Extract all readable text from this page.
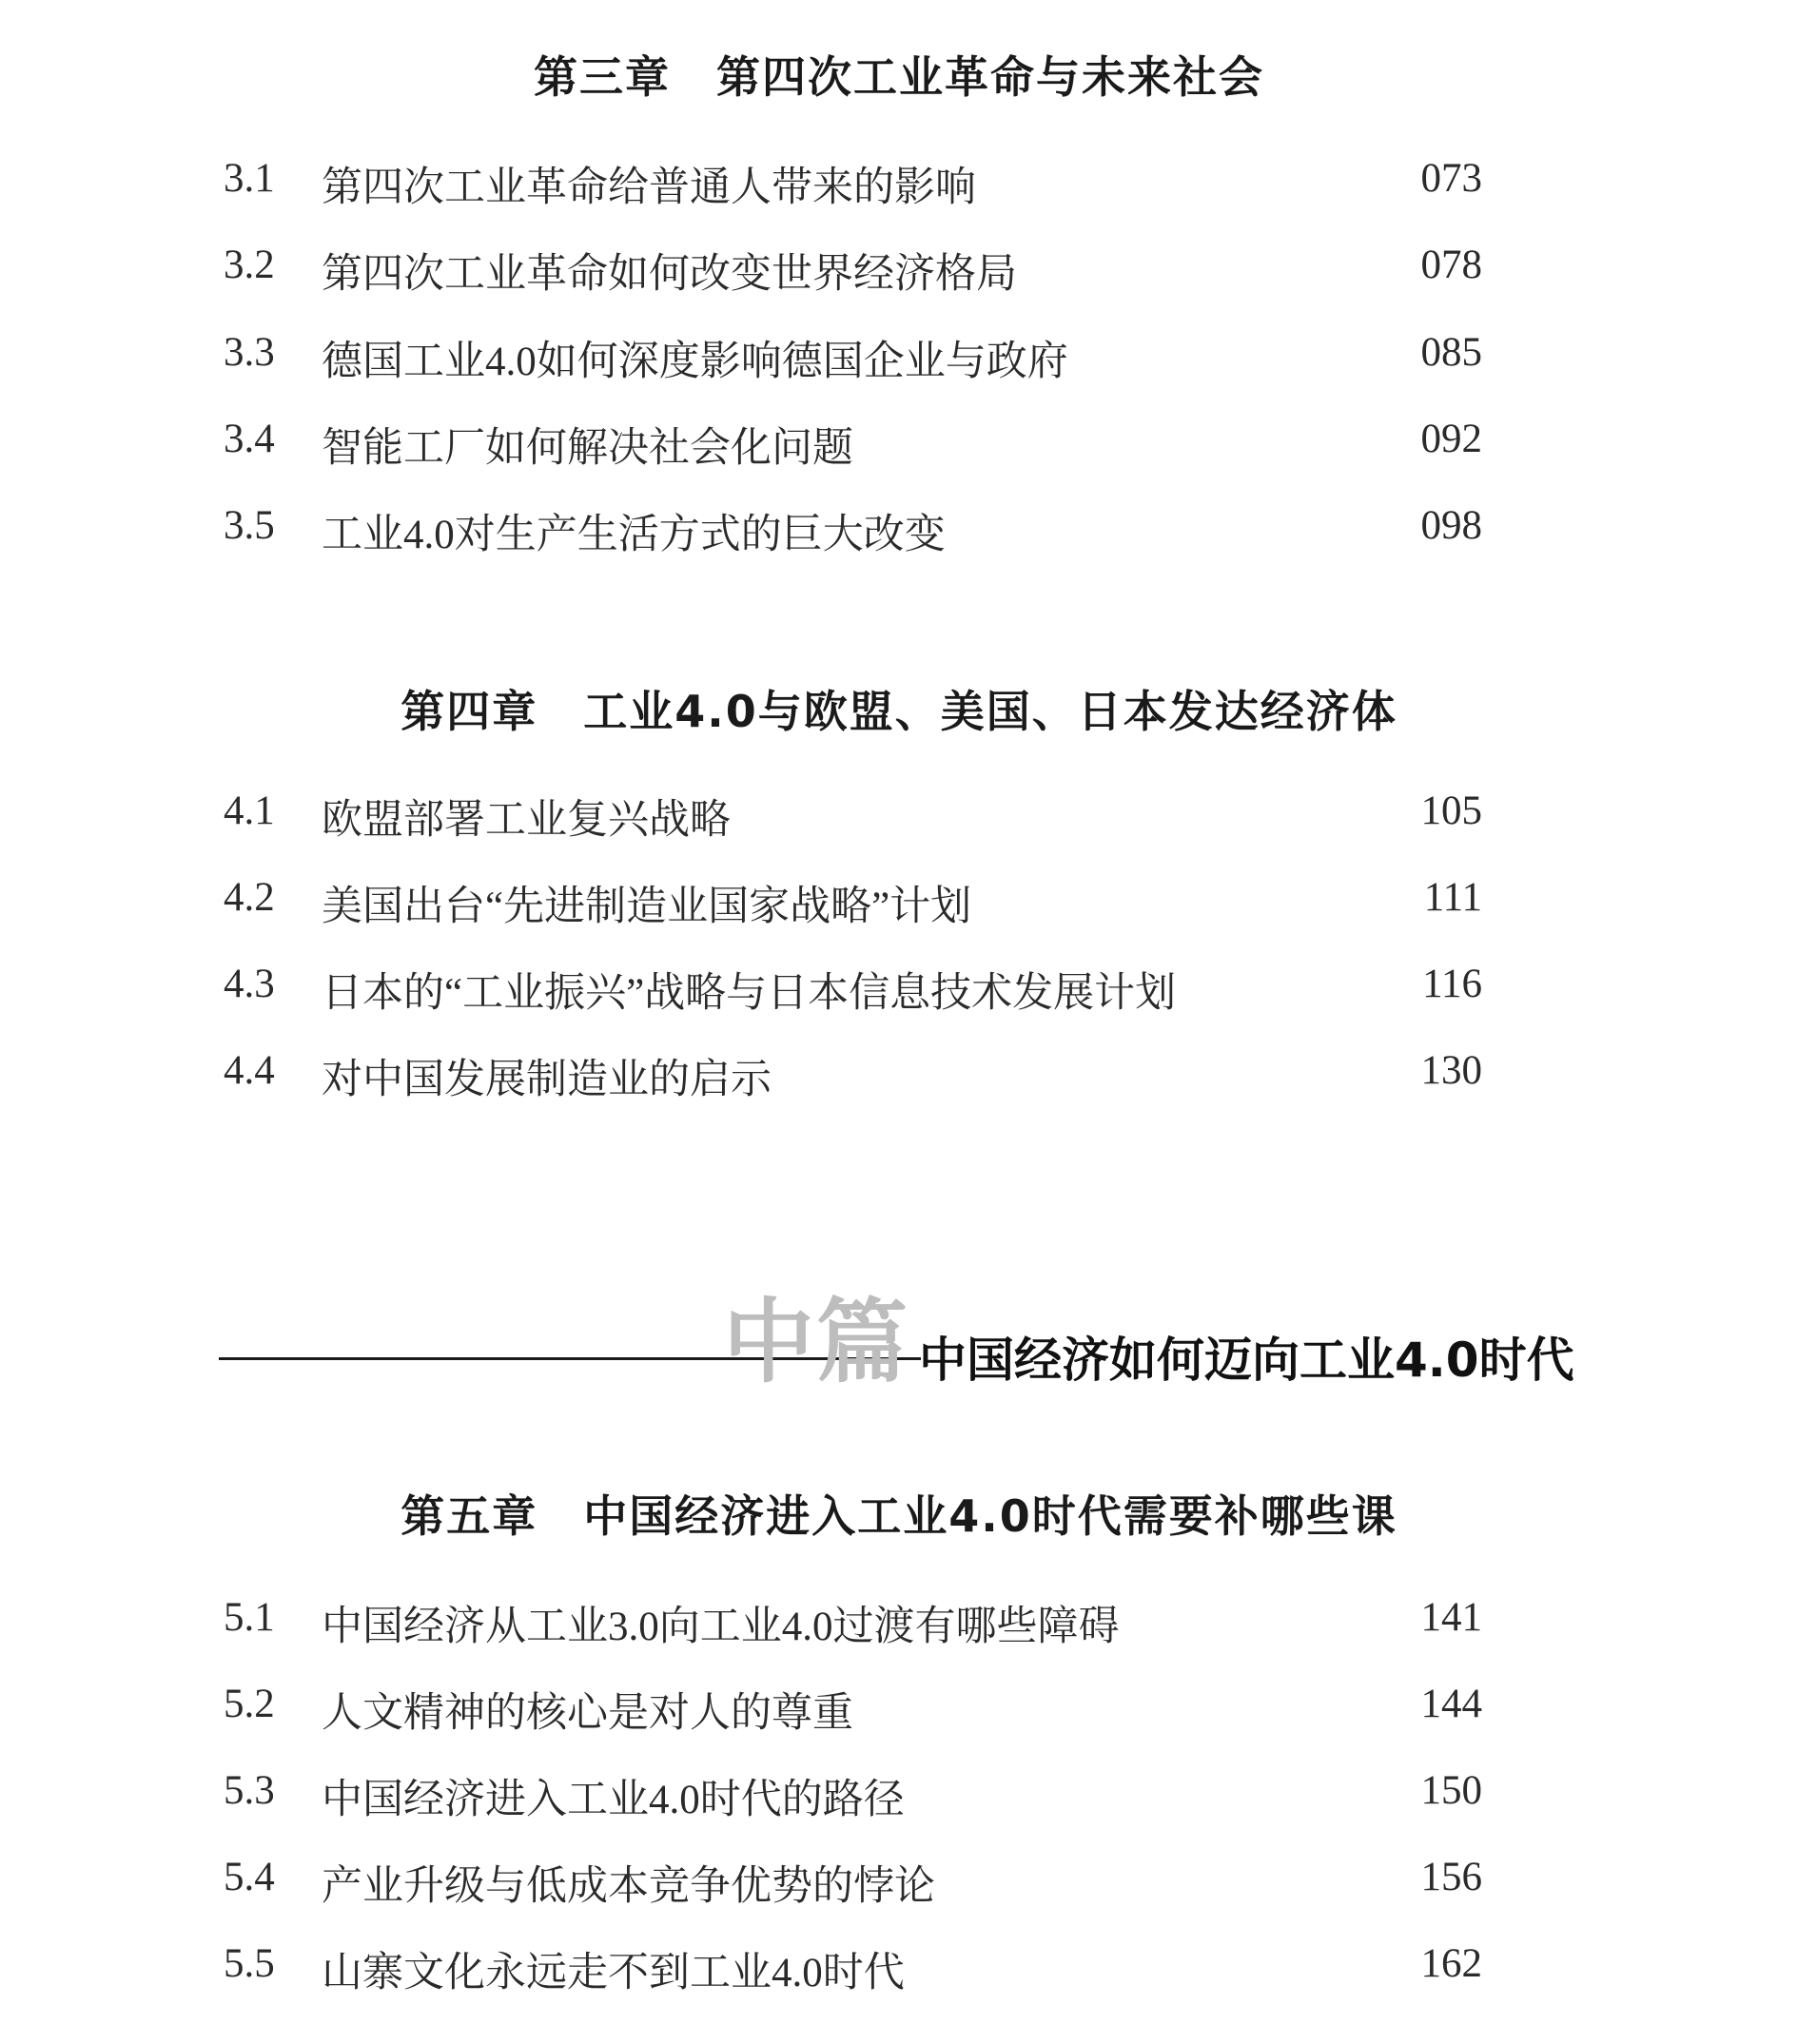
第三章　第四次工业革命与未来社会
3.1	第四次工业革命给普通人带来的影响	073
3.2	第四次工业革命如何改变世界经济格局	078
3.3	德国工业4.0如何深度影响德国企业与政府	085
3.4	智能工厂如何解决社会化问题	092
3.5	工业4.0对生产生活方式的巨大改变	098
第四章　工业4.0与欧盟、美国、日本发达经济体
4.1	欧盟部署工业复兴战略	105
4.2	美国出台“先进制造业国家战略”计划	111
4.3	日本的“工业振兴”战略与日本信息技术发展计划	116
4.4	对中国发展制造业的启示	130
中篇 中国经济如何迈向工业4.0时代
第五章　中国经济进入工业4.0时代需要补哪些课
5.1	中国经济从工业3.0向工业4.0过渡有哪些障碍	141
5.2	人文精神的核心是对人的尊重	144
5.3	中国经济进入工业4.0时代的路径	150
5.4	产业升级与低成本竞争优势的悖论	156
5.5	山寨文化永远走不到工业4.0时代	162
